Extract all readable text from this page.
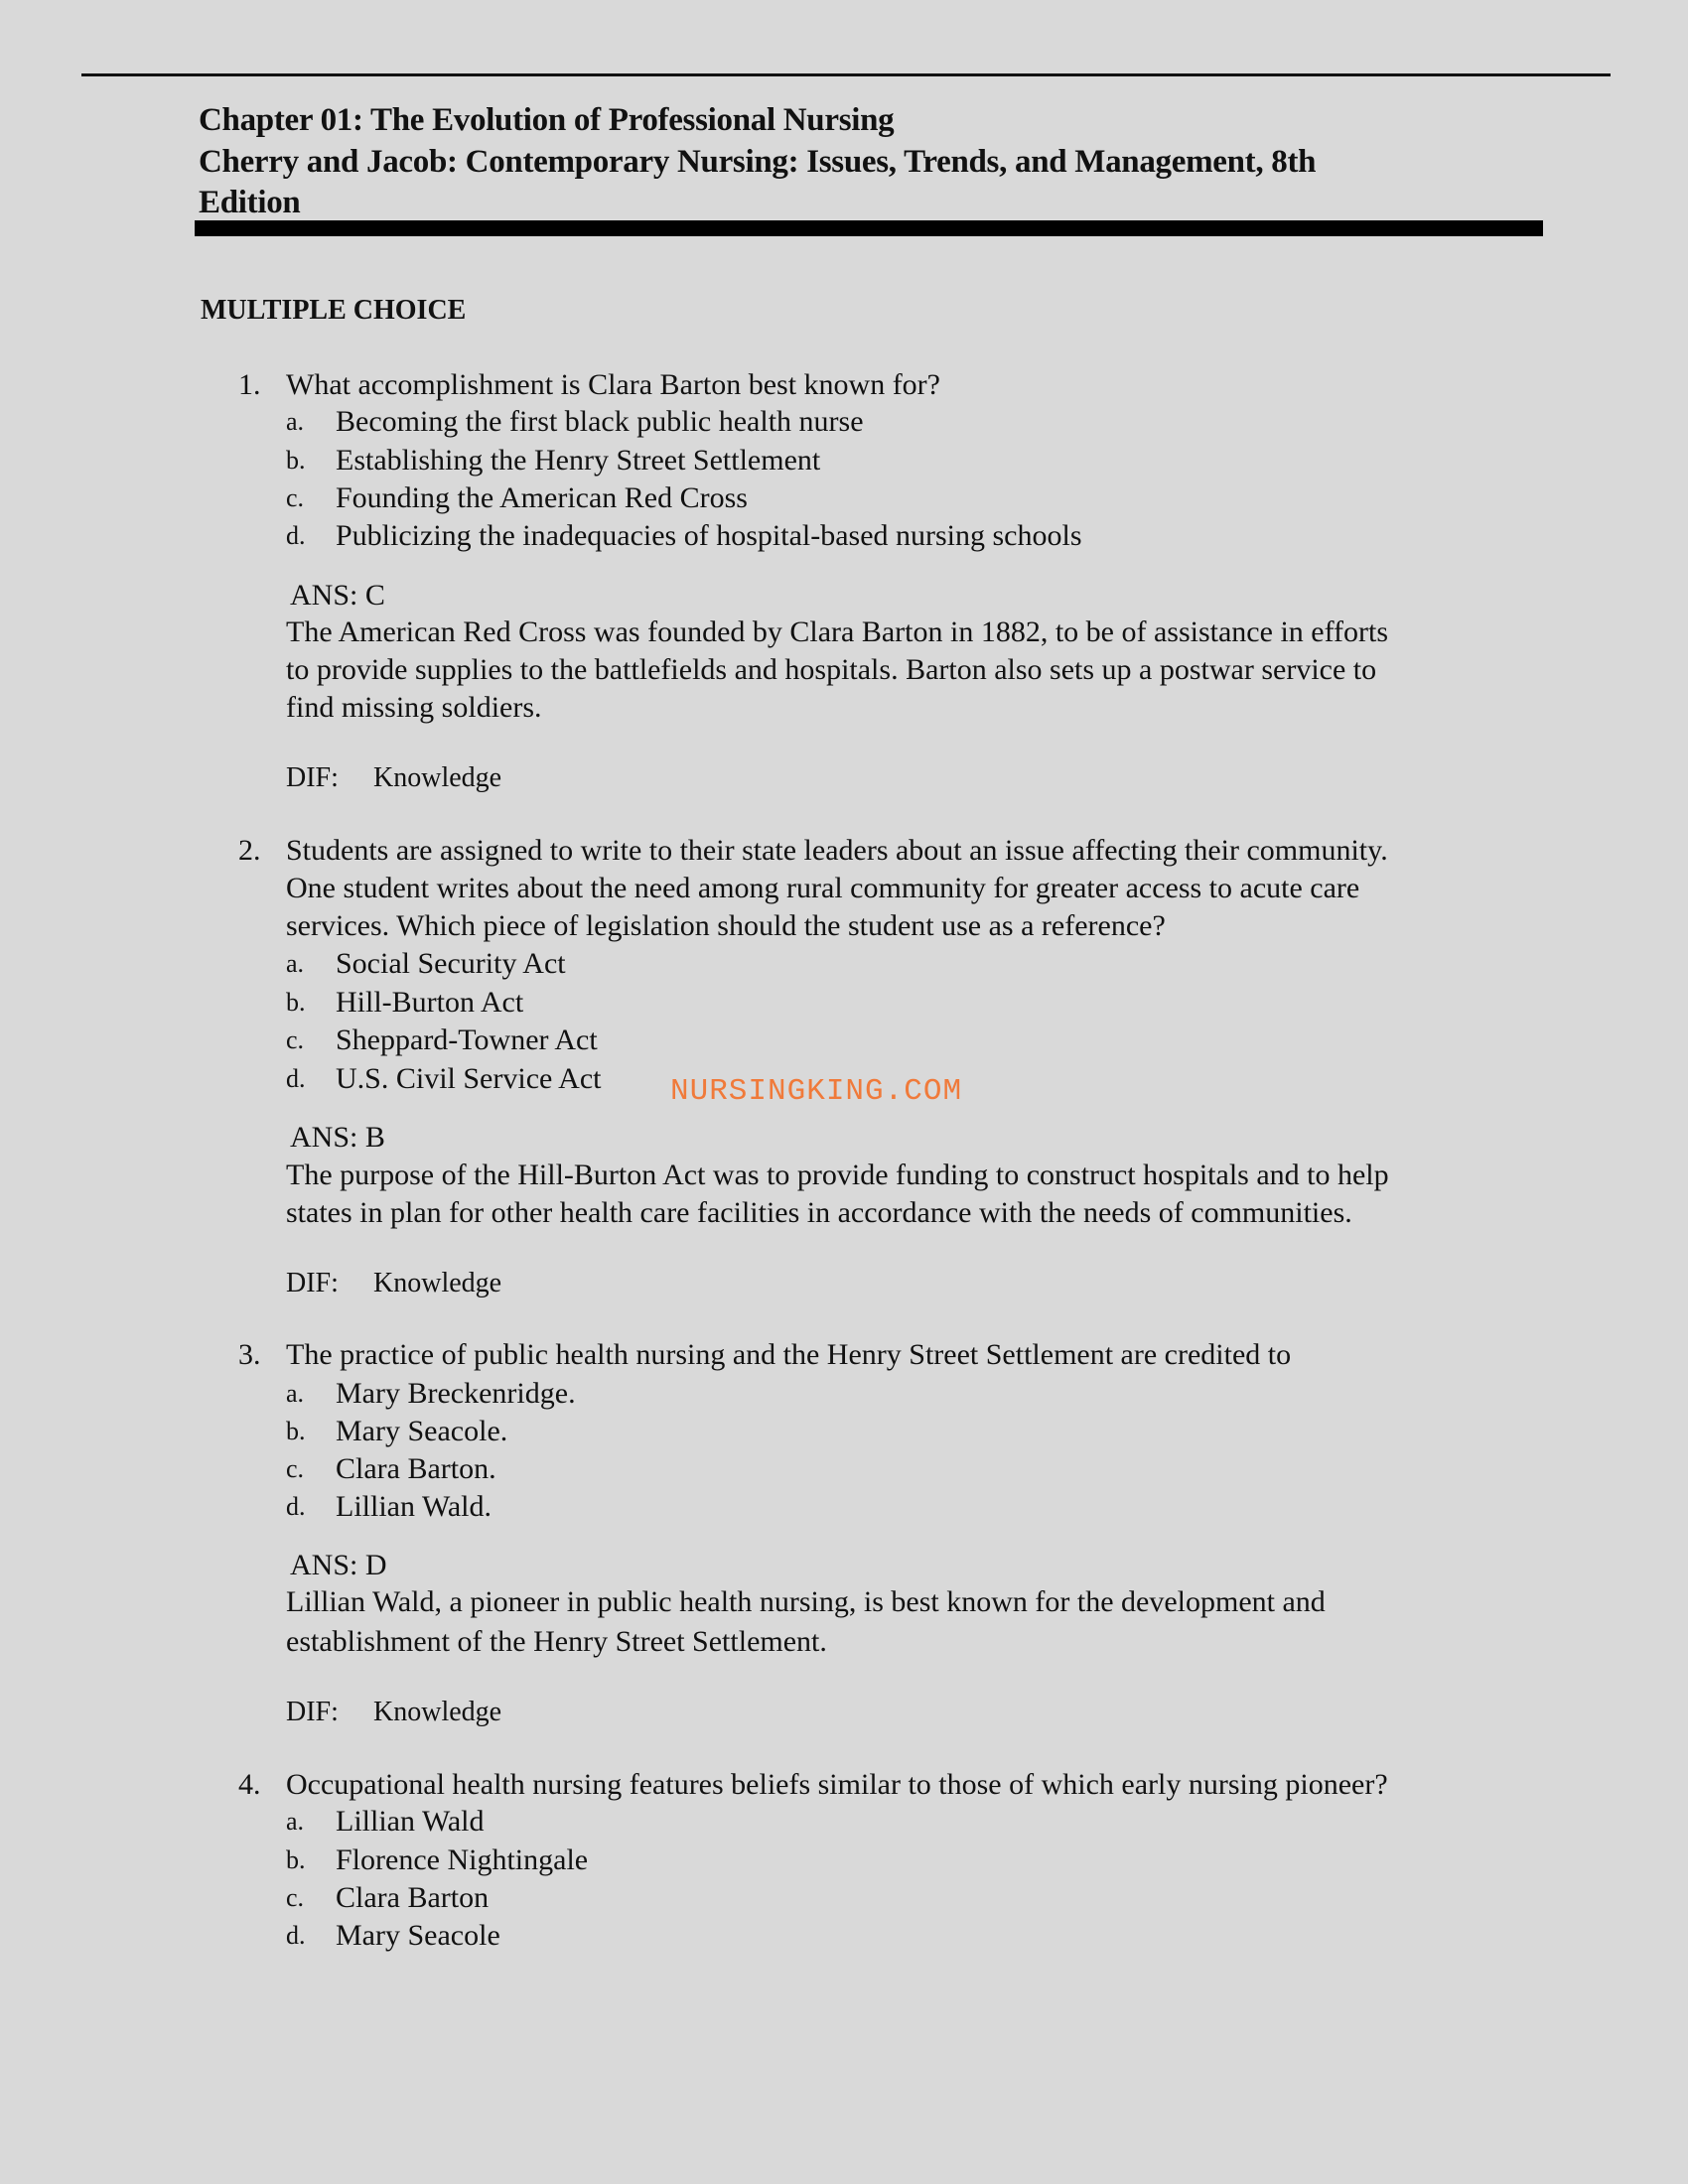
Chapter 01: The Evolution of Professional Nursing
Cherry and Jacob: Contemporary Nursing: Issues, Trends, and Management, 8th
Edition
MULTIPLE CHOICE
NURSINGKING.COM
1. What accomplishment is Clara Barton best known for?
a. Becoming the first black public health nurse
b. Establishing the Henry Street Settlement
c. Founding the American Red Cross
d. Publicizing the inadequacies of hospital-based nursing schools
ANS: C
The American Red Cross was founded by Clara Barton in 1882, to be of assistance in efforts
to provide supplies to the battlefields and hospitals. Barton also sets up a postwar service to
find missing soldiers.
DIF: Knowledge
2. Students are assigned to write to their state leaders about an issue affecting their community.
One student writes about the need among rural community for greater access to acute care
services. Which piece of legislation should the student use as a reference?
a. Social Security Act
b. Hill-Burton Act
c. Sheppard-Towner Act
d. U.S. Civil Service Act
ANS: B
The purpose of the Hill-Burton Act was to provide funding to construct hospitals and to help
states in plan for other health care facilities in accordance with the needs of communities.
DIF: Knowledge
3. The practice of public health nursing and the Henry Street Settlement are credited to
a. Mary Breckenridge.
b. Mary Seacole.
c. Clara Barton.
d. Lillian Wald.
ANS: D
Lillian Wald, a pioneer in public health nursing, is best known for the development and
establishment of the Henry Street Settlement.
DIF: Knowledge
4. Occupational health nursing features beliefs similar to those of which early nursing pioneer?
a. Lillian Wald
b. Florence Nightingale
c. Clara Barton
d. Mary Seacole
